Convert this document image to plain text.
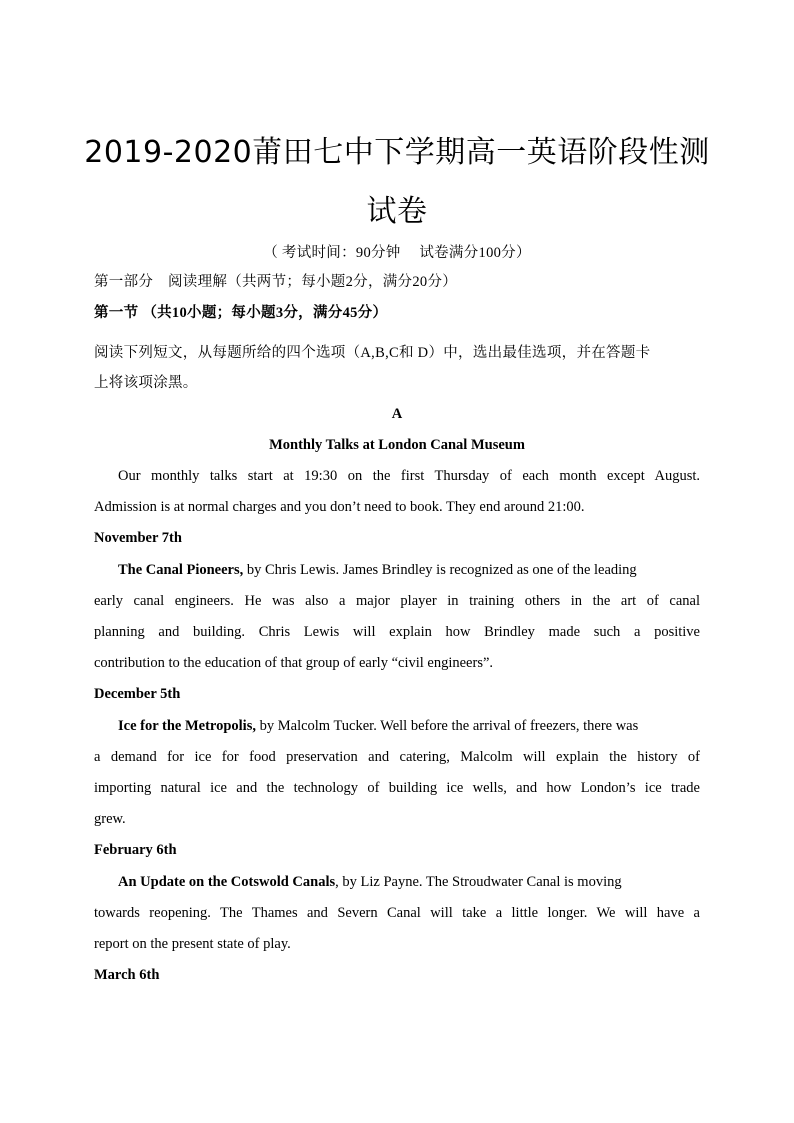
2019-2020莆田七中下学期高一英语阶段性测
试卷
（ 考试时间：90分钟　 试卷满分100分）
第一部分　阅读理解（共两节；每小题2分，满分20分）
第一节 （共10小题；每小题3分，满分45分）
阅读下列短文，从每题所给的四个选项（A,B,C和 D）中，选出最佳选项，并在答题卡
上将该项涂黑。
A
Monthly Talks at London Canal Museum
Our monthly talks start at 19:30 on the first Thursday of each month except August.
Admission is at normal charges and you don’t need to book. They end around 21:00.
November 7th
The Canal Pioneers, by Chris Lewis. James Brindley is recognized as one of the leading
early canal engineers. He was also a major player in training others in the art of canal
planning and building. Chris Lewis will explain how Brindley made such a positive
contribution to the education of that group of early “civil engineers”.
December 5th
Ice for the Metropolis, by Malcolm Tucker. Well before the arrival of freezers, there was
a demand for ice for food preservation and catering, Malcolm will explain the history of
importing natural ice and the technology of building ice wells, and how London’s ice trade
grew.
February 6th
An Update on the Cotswold Canals, by Liz Payne. The Stroudwater Canal is moving
towards reopening. The Thames and Severn Canal will take a little longer. We will have a
report on the present state of play.
March 6th
